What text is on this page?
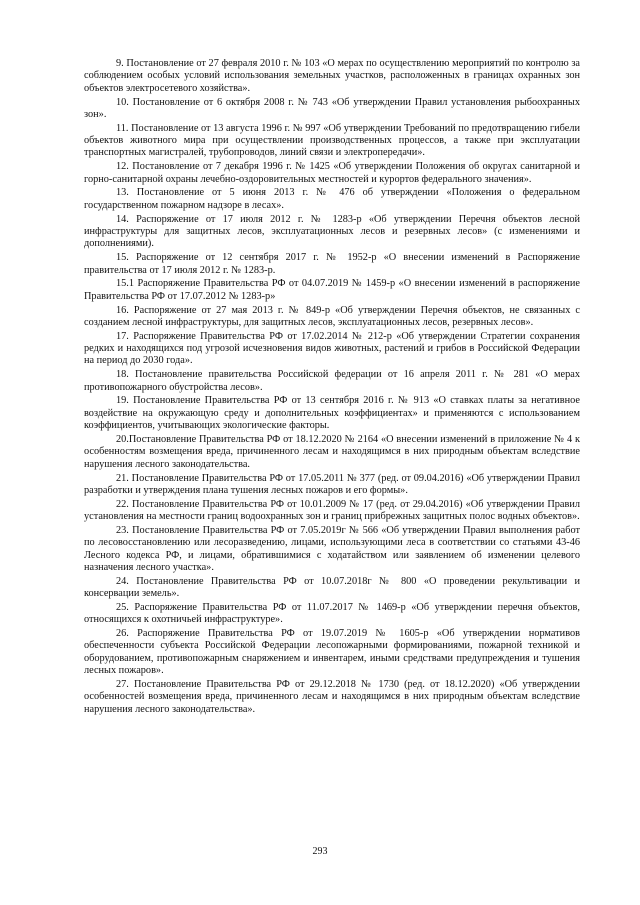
9. Постановление от 27 февраля 2010 г. № 103 «О мерах по осуществлению мероприятий по контролю за соблюдением особых условий использования земельных участков, расположенных в границах охранных зон объектов электросетевого хозяйства».

10. Постановление от 6 октября 2008 г. № 743 «Об утверждении Правил установления рыбоохранных зон».

11. Постановление от 13 августа 1996 г. № 997 «Об утверждении Требований по предотвращению гибели объектов животного мира при осуществлении производственных процессов, а также при эксплуатации транспортных магистралей, трубопроводов, линий связи и электропередачи».

12. Постановление от 7 декабря 1996 г. № 1425 «Об утверждении Положения об округах санитарной и горно-санитарной охраны лечебно-оздоровительных местностей и курортов федерального значения».

13. Постановление от 5 июня 2013 г. № 476 об утверждении «Положения о федеральном государственном пожарном надзоре в лесах».

14. Распоряжение от 17 июля 2012 г. № 1283-р «Об утверждении Перечня объектов лесной инфраструктуры для защитных лесов, эксплуатационных лесов и резервных лесов» (с изменениями и дополнениями).

15. Распоряжение от 12 сентября 2017 г. № 1952-р «О внесении изменений в Распоряжение правительства от 17 июля 2012 г. № 1283-р.

15.1 Распоряжение Правительства РФ от 04.07.2019 № 1459-р «О внесении изменений в распоряжение Правительства РФ от 17.07.2012 № 1283-р»

16. Распоряжение от 27 мая 2013 г. № 849-р «Об утверждении Перечня объектов, не связанных с созданием лесной инфраструктуры, для защитных лесов, эксплуатационных лесов, резервных лесов».

17. Распоряжение Правительства РФ от 17.02.2014 № 212-р «Об утверждении Стратегии сохранения редких и находящихся под угрозой исчезновения видов животных, растений и грибов в Российской Федерации на период до 2030 года».

18. Постановление правительства Российской федерации от 16 апреля 2011 г. № 281 «О мерах противопожарного обустройства лесов».

19. Постановление Правительства РФ от 13 сентября 2016 г. № 913 «О ставках платы за негативное воздействие на окружающую среду и дополнительных коэффициентах» и применяются с использованием коэффициентов, учитывающих экологические факторы.

20.Постановление Правительства РФ от 18.12.2020 № 2164 «О внесении изменений в приложение № 4 к особенностям возмещения вреда, причиненного лесам и находящимся в них природным объектам вследствие нарушения лесного законодательства.

21. Постановление Правительства РФ от 17.05.2011 № 377 (ред. от 09.04.2016) «Об утверждении Правил разработки и утверждения плана тушения лесных пожаров и его формы».

22. Постановление Правительства РФ от 10.01.2009 № 17 (ред. от 29.04.2016) «Об утверждении Правил установления на местности границ водоохранных зон и границ прибрежных защитных полос водных объектов».

23. Постановление Правительства РФ от 7.05.2019г № 566 «Об утверждении Правил выполнения работ по лесовосстановлению или лесоразведению, лицами, использующими леса в соответствии со статьями 43-46 Лесного кодекса РФ, и лицами, обратившимися с ходатайством или заявлением об изменении целевого назначения лесного участка».

24. Постановление Правительства РФ от 10.07.2018г № 800 «О проведении рекультивации и консервации земель».

25. Распоряжение Правительства РФ от 11.07.2017 № 1469-р «Об утверждении перечня объектов, относящихся к охотничьей инфраструктуре».

26. Распоряжение Правительства РФ от 19.07.2019 № 1605-р «Об утверждении нормативов обеспеченности субъекта Российской Федерации лесопожарными формированиями, пожарной техникой и оборудованием, противопожарным снаряжением и инвентарем, иными средствами предупреждения и тушения лесных пожаров».

27. Постановление Правительства РФ от 29.12.2018 № 1730 (ред. от 18.12.2020) «Об утверждении особенностей возмещения вреда, причиненного лесам и находящимся в них природным объектам вследствие нарушения лесного законодательства».

293
